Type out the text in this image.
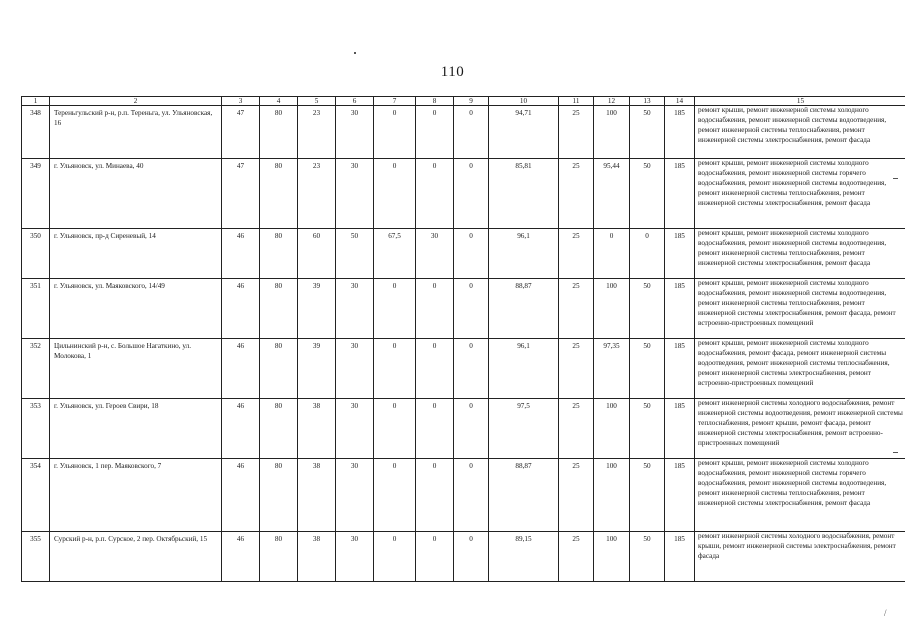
110
1	2	3	4	5	6	7	8	9	10	11	12	13	14	15
348	Тереньгульский р-н, р.п. Тереньга, ул. Ульяновская, 16	47	80	23	30	0	0	0	94,71	25	100	50	185	ремонт крыши, ремонт инженерной системы холодного водоснабжения, ремонт инженерной системы водоотведения, ремонт инженерной системы теплоснабжения, ремонт инженерной системы электроснабжения, ремонт фасада
349	г. Ульяновск, ул. Минаева, 40	47	80	23	30	0	0	0	85,81	25	95,44	50	185	ремонт крыши, ремонт инженерной системы холодного водоснабжения, ремонт инженерной системы горячего водоснабжения, ремонт инженерной системы водоотведения, ремонт инженерной системы теплоснабжения, ремонт инженерной системы электроснабжения, ремонт фасада
350	г. Ульяновск, пр-д Сиреневый, 14	46	80	60	50	67,5	30	0	96,1	25	0	0	185	ремонт крыши, ремонт инженерной системы холодного водоснабжения, ремонт инженерной системы водоотведения, ремонт инженерной системы теплоснабжения, ремонт инженерной системы электроснабжения, ремонт фасада
351	г. Ульяновск, ул. Маяковского, 14/49	46	80	39	30	0	0	0	88,87	25	100	50	185	ремонт крыши, ремонт инженерной системы холодного водоснабжения, ремонт инженерной системы водоотведения, ремонт инженерной системы теплоснабжения, ремонт инженерной системы электроснабжения, ремонт фасада, ремонт встроенно-пристроенных помещений
352	Цильнинский р-н, с. Большое Нагаткино, ул. Молокова, 1	46	80	39	30	0	0	0	96,1	25	97,35	50	185	ремонт крыши, ремонт инженерной системы холодного водоснабжения, ремонт фасада, ремонт инженерной системы водоотведения, ремонт инженерной системы теплоснабжения, ремонт инженерной системы электроснабжения, ремонт встроенно-пристроенных помещений
353	г. Ульяновск, ул. Героев Свири, 18	46	80	38	30	0	0	0	97,5	25	100	50	185	ремонт инженерной системы холодного водоснабжения, ремонт инженерной системы водоотведения, ремонт инженерной системы теплоснабжения, ремонт крыши, ремонт фасада, ремонт инженерной системы электроснабжения, ремонт встроенно-пристроенных помещений
354	г. Ульяновск, 1 пер. Маяковского, 7	46	80	38	30	0	0	0	88,87	25	100	50	185	ремонт крыши, ремонт инженерной системы холодного водоснабжения, ремонт инженерной системы горячего водоснабжения, ремонт инженерной системы водоотведения, ремонт инженерной системы теплоснабжения, ремонт инженерной системы электроснабжения, ремонт фасада
355	Сурский р-н, р.п. Сурское, 2 пер. Октябрьский, 15	46	80	38	30	0	0	0	89,15	25	100	50	185	ремонт инженерной системы холодного водоснабжения, ремонт крыши, ремонт инженерной системы электроснабжения, ремонт фасада
/
